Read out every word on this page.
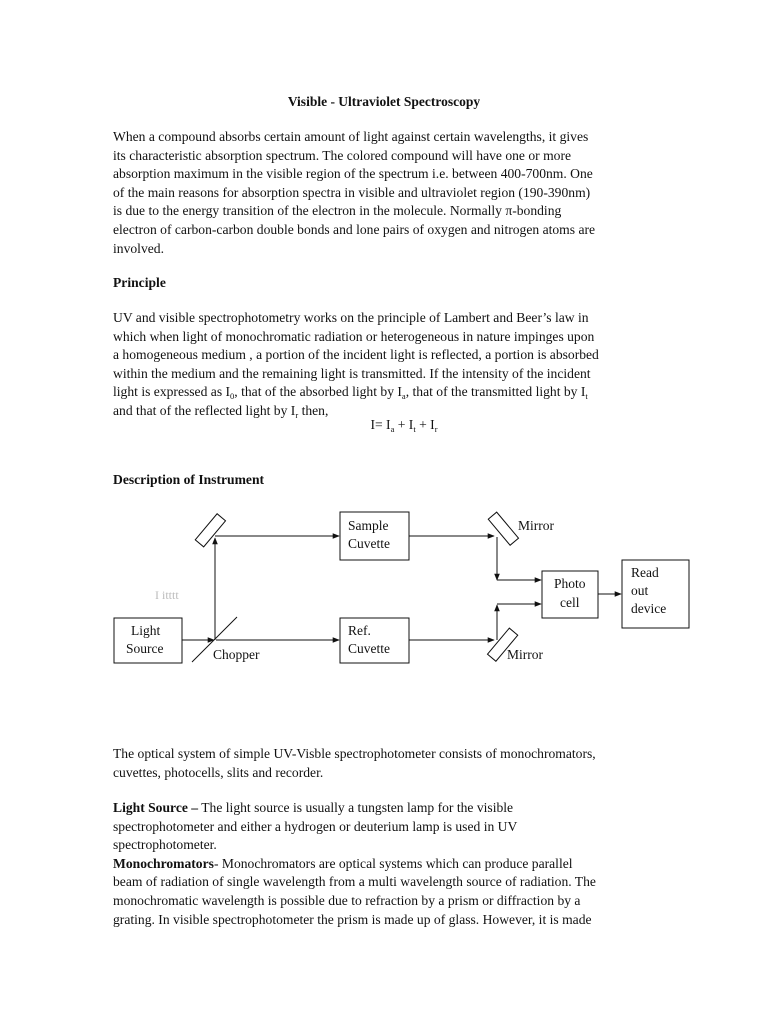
Visible - Ultraviolet Spectroscopy
When a compound absorbs certain amount of light against certain wavelengths, it gives
its characteristic absorption spectrum. The colored compound will have one or more
absorption maximum in the visible region of the spectrum i.e. between 400-700nm. One
of the main reasons for absorption spectra in visible and ultraviolet region (190-390nm)
is due to the energy transition of the electron in the molecule. Normally π-bonding
electron of carbon-carbon double bonds and lone pairs of oxygen and nitrogen atoms are
involved.
Principle
UV and visible spectrophotometry works on the principle of Lambert and Beer’s law in
which when light of monochromatic radiation or heterogeneous in nature impinges upon
a homogeneous medium , a portion of the incident light is reflected, a portion is absorbed
within the medium and the remaining light is transmitted. If the intensity of the incident
light is expressed as $I_0$, that of the absorbed light by $I_a$, that of the transmitted light by $I_t$
and that of the reflected light by $I_r$ then,
$I= I_a + I_t + I_r$
Description of Instrument
Sample
Cuvette
Ref.
Cuvette
Light
Source
Photo
cell
Read
out
device
Mirror
Mirror
Chopper
I itttt
The optical system of simple UV-Visble spectrophotometer consists of monochromators,
cuvettes, photocells, slits and recorder.
Light Source – The light source is usually a tungsten lamp for the visible
spectrophotometer and either a hydrogen or deuterium lamp is used in UV
spectrophotometer.
Monochromators- Monochromators are optical systems which can produce parallel
beam of radiation of single wavelength from a multi wavelength source of radiation. The
monochromatic wavelength is possible due to refraction by a prism or diffraction by a
grating. In visible spectrophotometer the prism is made up of glass. However, it is made
